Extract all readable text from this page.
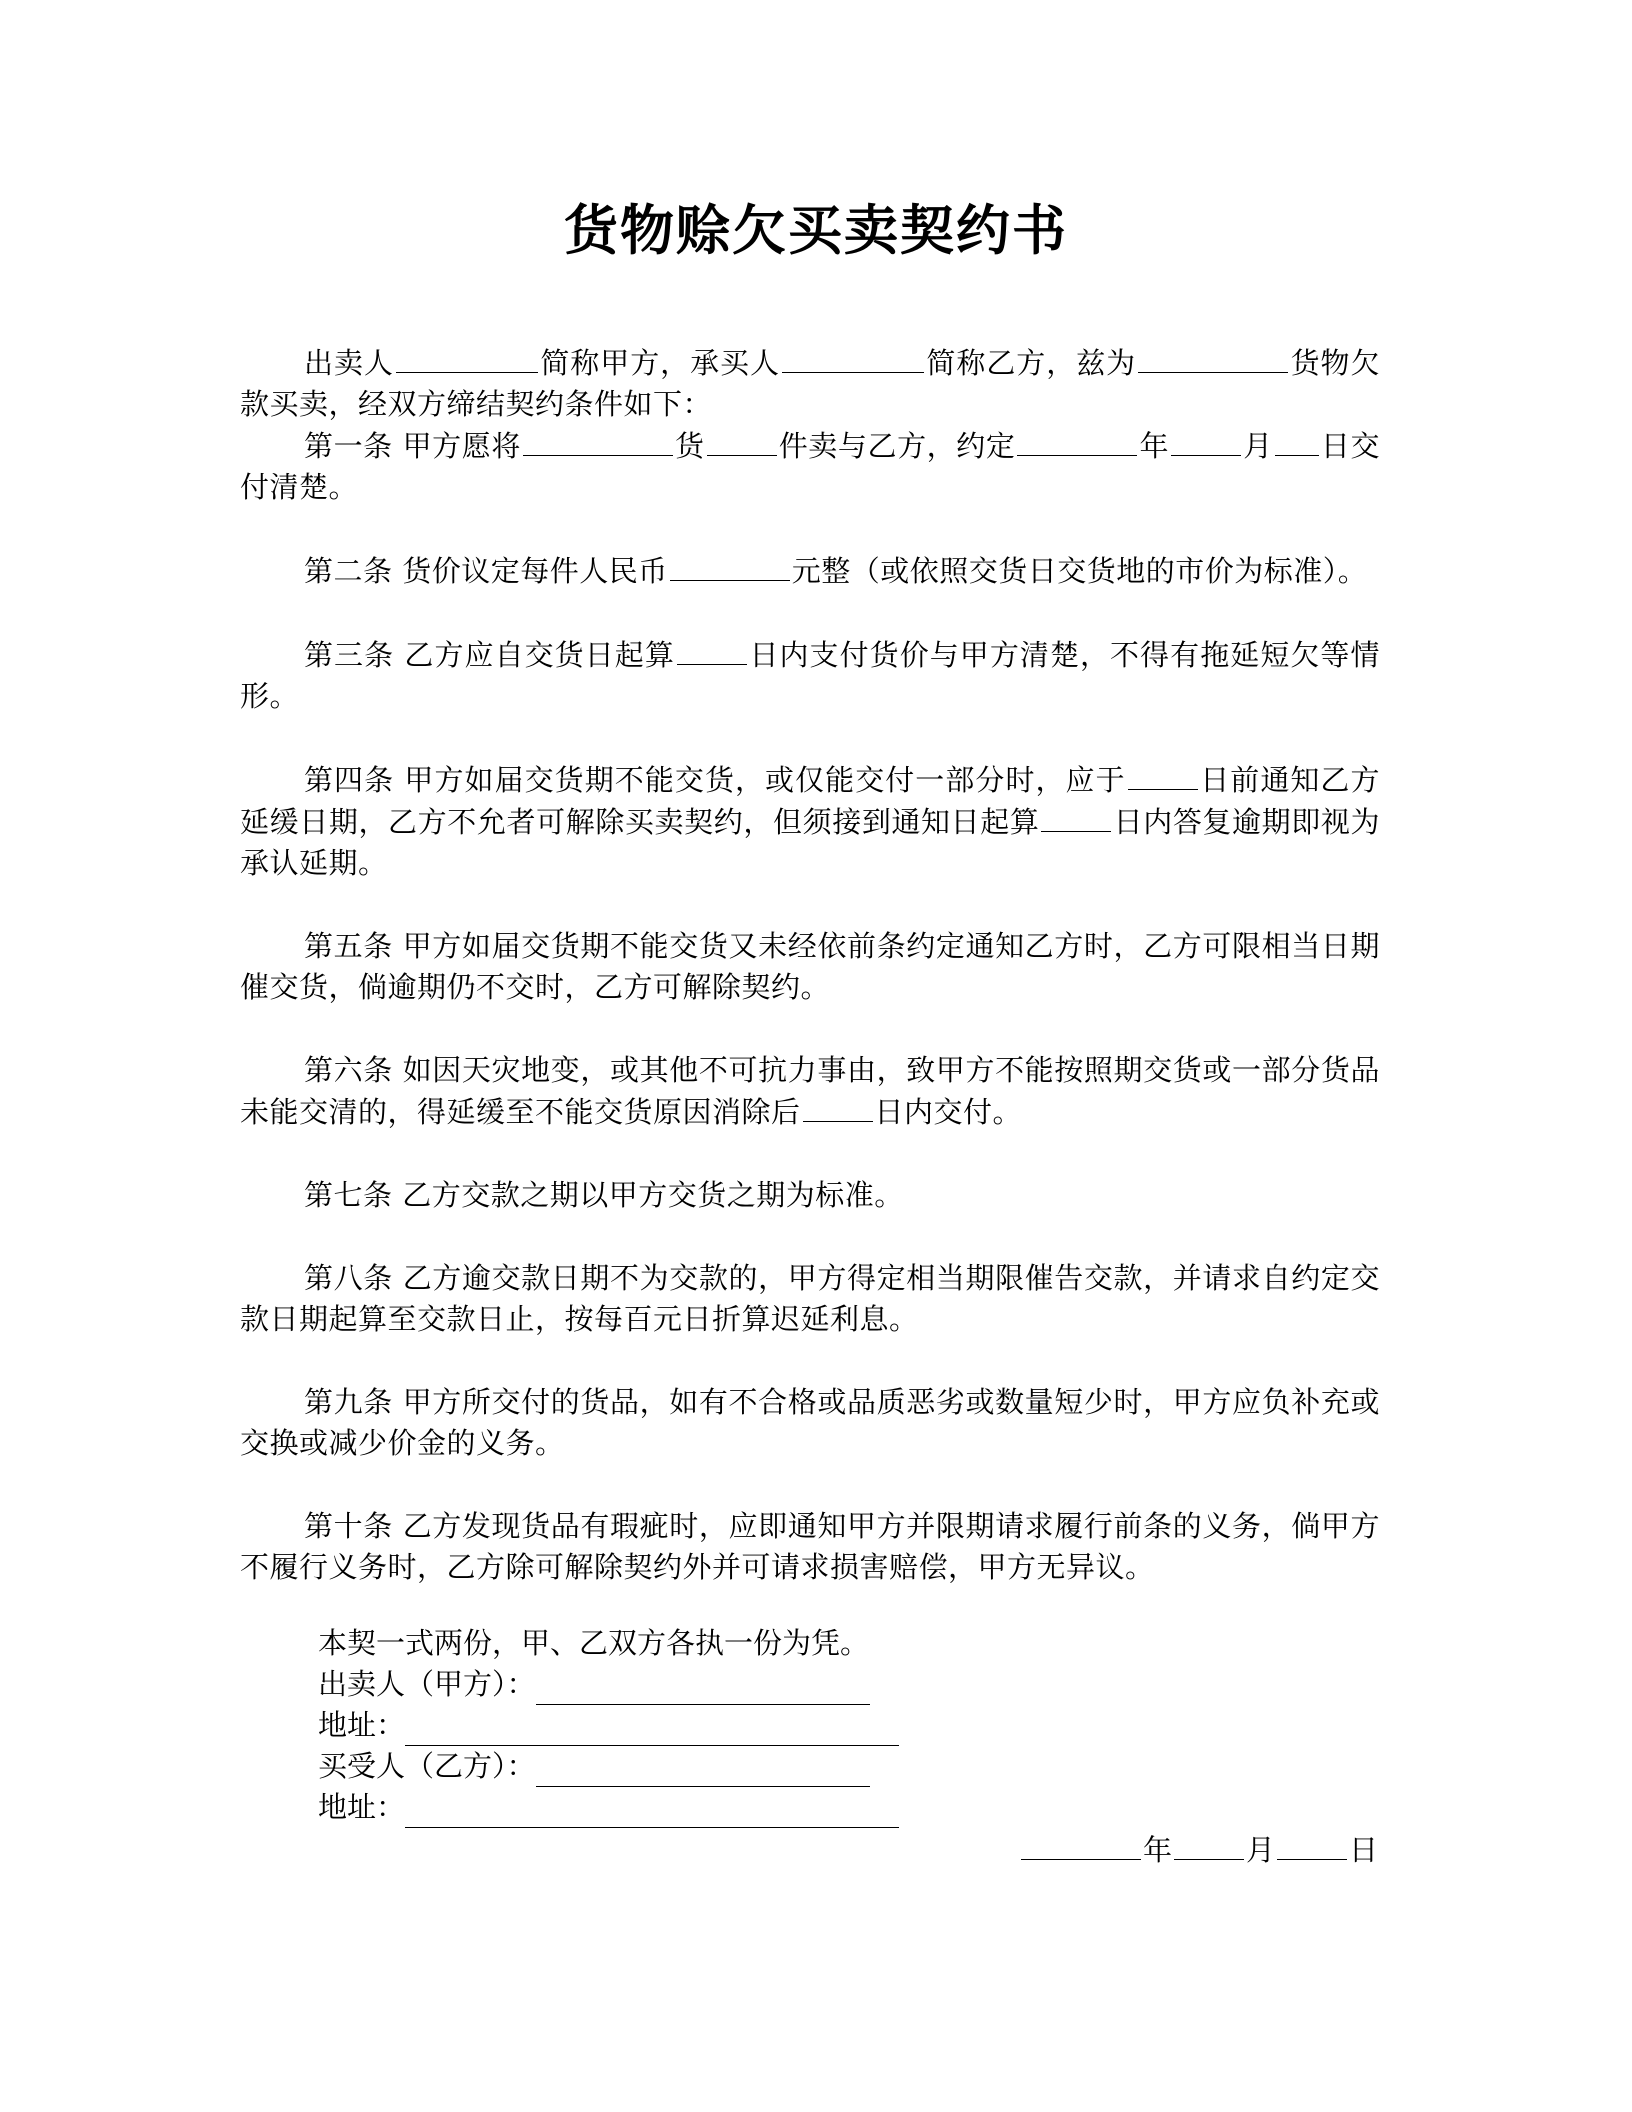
货物赊欠买卖契约书

出卖人	简称甲方，承买人	简称乙方，兹为	货物欠款买卖，经双方缔结契约条件如下：

第一条 甲方愿将	货	件卖与乙方，约定	年	月 日交付清楚。

第二条 货价议定每件人民币	元整（或依照交货日交货地的市价为标准）。

第三条 乙方应自交货日起算	日内支付货价与甲方清楚，不得有拖延短欠等情形。

第四条 甲方如届交货期不能交货，或仅能交付一部分时，应于	日前通知乙方延缓日期，乙方不允者可解除买卖契约，但须接到通知日起算	日内答复逾期即视为承认延期。

第五条 甲方如届交货期不能交货又未经依前条约定通知乙方时，乙方可限相当日期催交货，倘逾期仍不交时，乙方可解除契约。

第六条 如因天灾地变，或其他不可抗力事由，致甲方不能按照期交货或一部分货品未能交清的，得延缓至不能交货原因消除后	日内交付。

第七条 乙方交款之期以甲方交货之期为标准。

第八条 乙方逾交款日期不为交款的，甲方得定相当期限催告交款，并请求自约定交款日期起算至交款日止，按每百元日折算迟延利息。

第九条 甲方所交付的货品，如有不合格或品质恶劣或数量短少时，甲方应负补充或交换或减少价金的义务。

第十条 乙方发现货品有瑕疵时，应即通知甲方并限期请求履行前条的义务，倘甲方不履行义务时，乙方除可解除契约外并可请求损害赔偿，甲方无异议。

本契一式两份，甲、乙双方各执一份为凭。
出卖人（甲方）：
地址：
买受人（乙方）：
地址：
年	月	日
